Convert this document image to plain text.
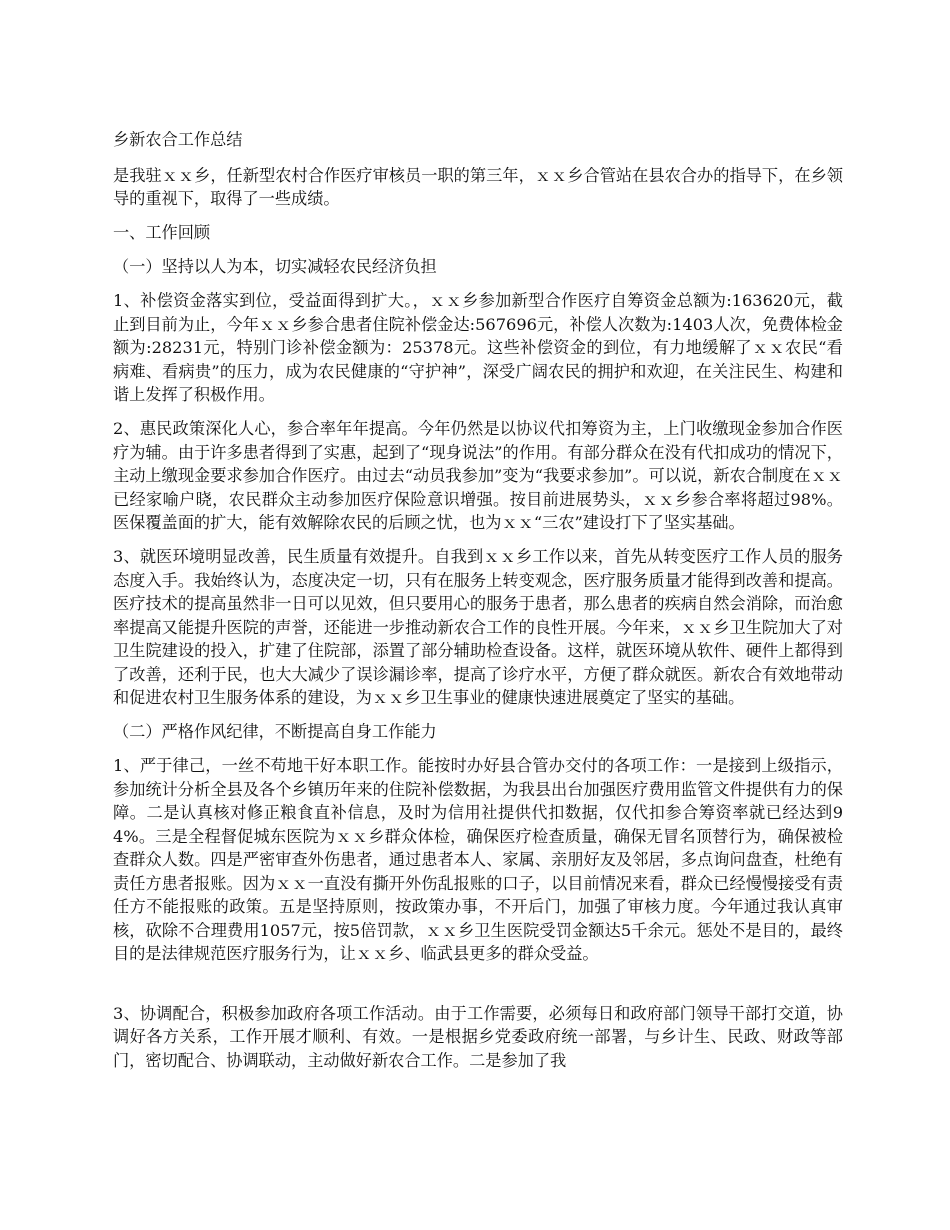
乡新农合工作总结

是我驻ｘｘ乡，任新型农村合作医疗审核员一职的第三年，ｘｘ乡合管站在县农合办的指导下，在乡领导的重视下，取得了一些成绩。

一、工作回顾

（一）坚持以人为本，切实减轻农民经济负担

1、补偿资金落实到位，受益面得到扩大。，ｘｘ乡参加新型合作医疗自筹资金总额为:163620元，截止到目前为止，今年ｘｘ乡参合患者住院补偿金达:567696元，补偿人次数为:1403人次，免费体检金额为:28231元，特别门诊补偿金额为：25378元。这些补偿资金的到位，有力地缓解了ｘｘ农民“看病难、看病贵”的压力，成为农民健康的“守护神”，深受广阔农民的拥护和欢迎，在关注民生、构建和谐上发挥了积极作用。

2、惠民政策深化人心，参合率年年提高。今年仍然是以协议代扣筹资为主，上门收缴现金参加合作医疗为辅。由于许多患者得到了实惠，起到了“现身说法”的作用。有部分群众在没有代扣成功的情况下，主动上缴现金要求参加合作医疗。由过去“动员我参加”变为“我要求参加”。可以说，新农合制度在ｘｘ已经家喻户晓，农民群众主动参加医疗保险意识增强。按目前进展势头，ｘｘ乡参合率将超过98%。医保覆盖面的扩大，能有效解除农民的后顾之忧，也为ｘｘ“三农”建设打下了坚实基础。

3、就医环境明显改善，民生质量有效提升。自我到ｘｘ乡工作以来，首先从转变医疗工作人员的服务态度入手。我始终认为，态度决定一切，只有在服务上转变观念，医疗服务质量才能得到改善和提高。医疗技术的提高虽然非一日可以见效，但只要用心的服务于患者，那么患者的疾病自然会消除，而治愈率提高又能提升医院的声誉，还能进一步推动新农合工作的良性开展。今年来，ｘｘ乡卫生院加大了对卫生院建设的投入，扩建了住院部，添置了部分辅助检查设备。这样，就医环境从软件、硬件上都得到了改善，还利于民，也大大减少了误诊漏诊率，提高了诊疗水平，方便了群众就医。新农合有效地带动和促进农村卫生服务体系的建设，为ｘｘ乡卫生事业的健康快速进展奠定了坚实的基础。

（二）严格作风纪律，不断提高自身工作能力

1、严于律己，一丝不苟地干好本职工作。能按时办好县合管办交付的各项工作：一是接到上级指示，参加统计分析全县及各个乡镇历年来的住院补偿数据，为我县出台加强医疗费用监管文件提供有力的保障。二是认真核对修正粮食直补信息，及时为信用社提供代扣数据，仅代扣参合筹资率就已经达到94%。三是全程督促城东医院为ｘｘ乡群众体检，确保医疗检查质量，确保无冒名顶替行为，确保被检查群众人数。四是严密审查外伤患者，通过患者本人、家属、亲朋好友及邻居，多点询问盘查，杜绝有责任方患者报账。因为ｘｘ一直没有撕开外伤乱报账的口子，以目前情况来看，群众已经慢慢接受有责任方不能报账的政策。五是坚持原则，按政策办事，不开后门，加强了审核力度。今年通过我认真审核，砍除不合理费用1057元，按5倍罚款，ｘｘ乡卫生医院受罚金额达5千余元。惩处不是目的，最终目的是法律规范医疗服务行为，让ｘｘ乡、临武县更多的群众受益。

3、协调配合，积极参加政府各项工作活动。由于工作需要，必须每日和政府部门领导干部打交道，协调好各方关系，工作开展才顺利、有效。一是根据乡党委政府统一部署，与乡计生、民政、财政等部门，密切配合、协调联动，主动做好新农合工作。二是参加了我
